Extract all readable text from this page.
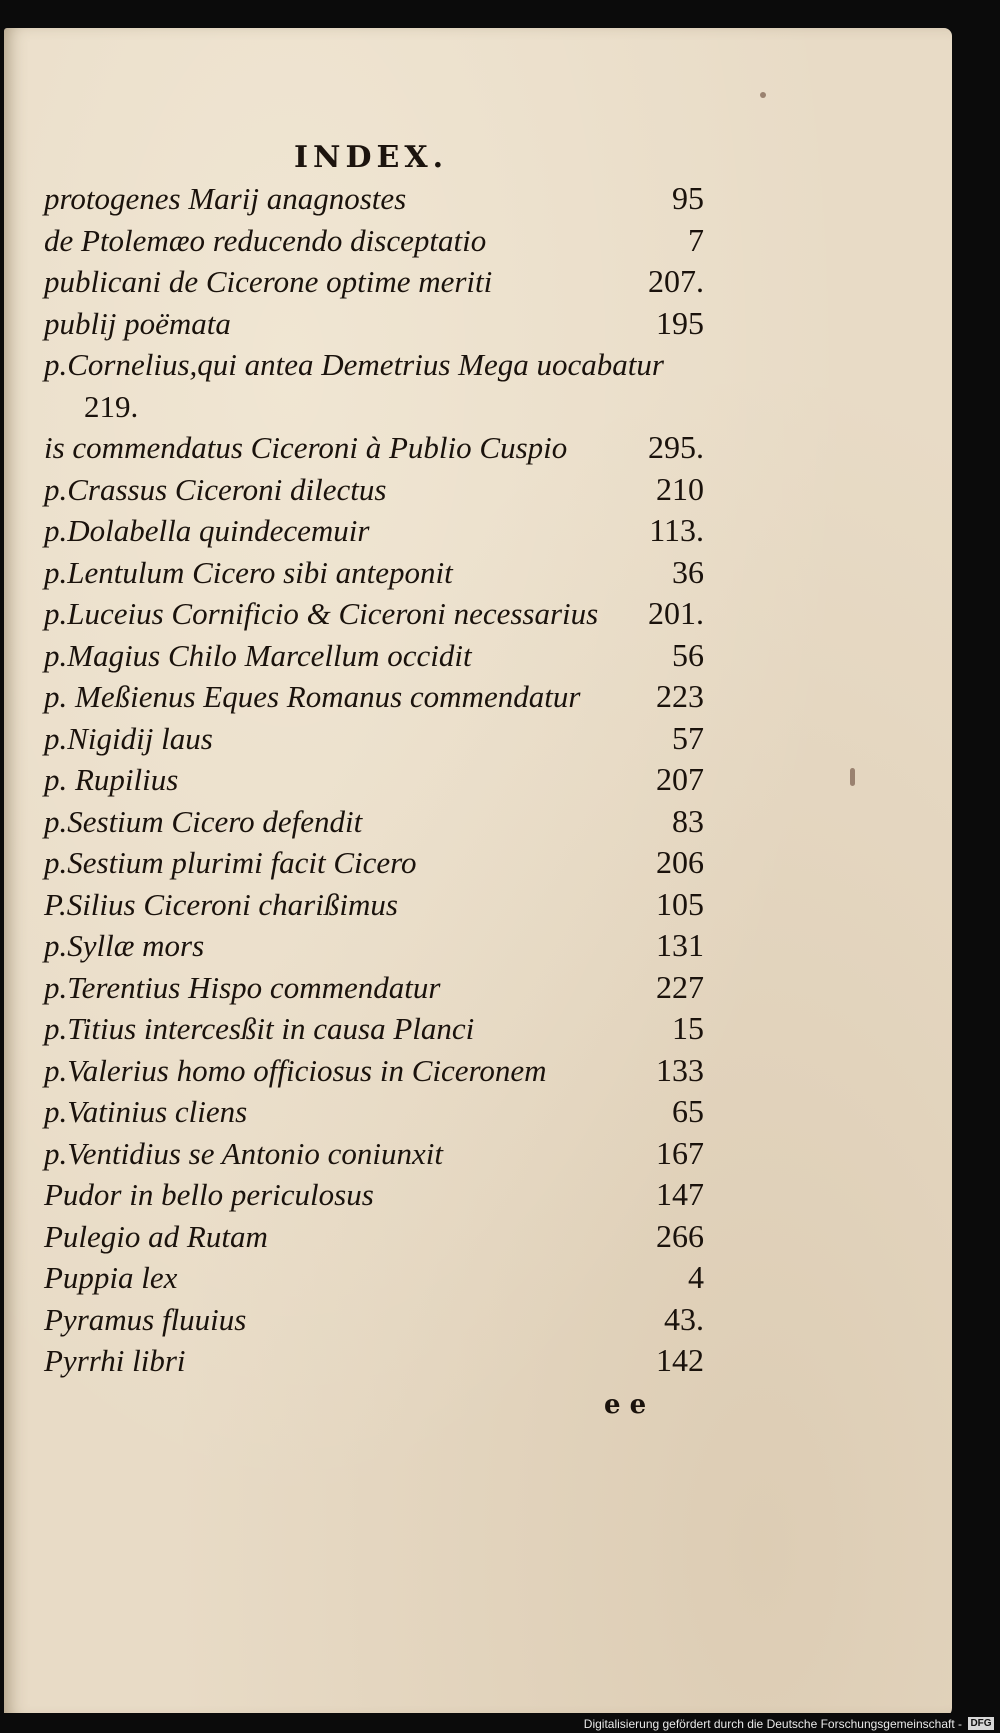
INDEX.
protogenes Marij anagnostes	95
de Ptolemæo reducendo disceptatio	7
publicani de Cicerone optime meriti	207.
publij poëmata	195
p.Cornelius,qui antea Demetrius Mega uocabatur
219.
is commendatus Ciceroni à Publio Cuspio	295.
p.Crassus Ciceroni dilectus	210
p.Dolabella quindecemuir	113.
p.Lentulum Cicero sibi anteponit	36
p.Luceius Cornificio & Ciceroni necessarius 201.
p.Magius Chilo Marcellum occidit	56
p. Meßienus Eques Romanus commendatur 223
p.Nigidij laus	57
p. Rupilius	207
p.Sestium Cicero defendit	83
p.Sestium plurimi facit Cicero	206
P.Silius Ciceroni charißimus	105
p.Syllæ mors	131
p.Terentius Hispo commendatur	227
p.Titius intercesßit in causa Planci	15
p.Valerius homo officiosus in Ciceronem	133
p.Vatinius cliens	65
p.Ventidius se Antonio coniunxit	167
Pudor in bello periculosus	147
Pulegio ad Rutam	266
Puppia lex	4
Pyramus fluuius	43.
Pyrrhi libri	142
e e
Digitalisierung gefördert durch die Deutsche Forschungsgemeinschaft - DFG
